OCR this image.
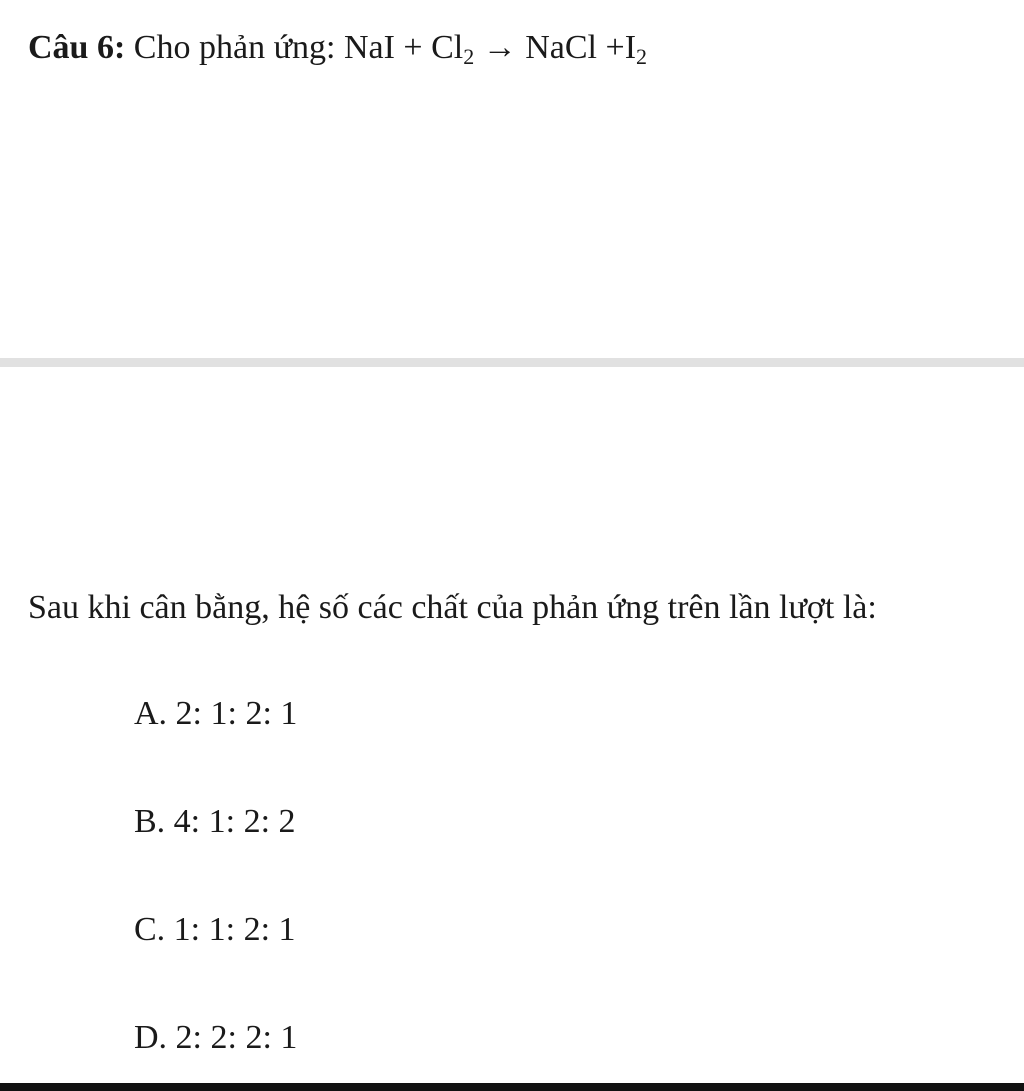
Câu 6: Cho phản ứng: NaI + $Cl_2$ → NaCl $+I_2$
Sau khi cân bằng, hệ số các chất của phản ứng trên lần lượt là:
A. 2: 1: 2: 1
B. 4: 1: 2: 2
C. 1: 1: 2: 1
D. 2: 2: 2: 1
